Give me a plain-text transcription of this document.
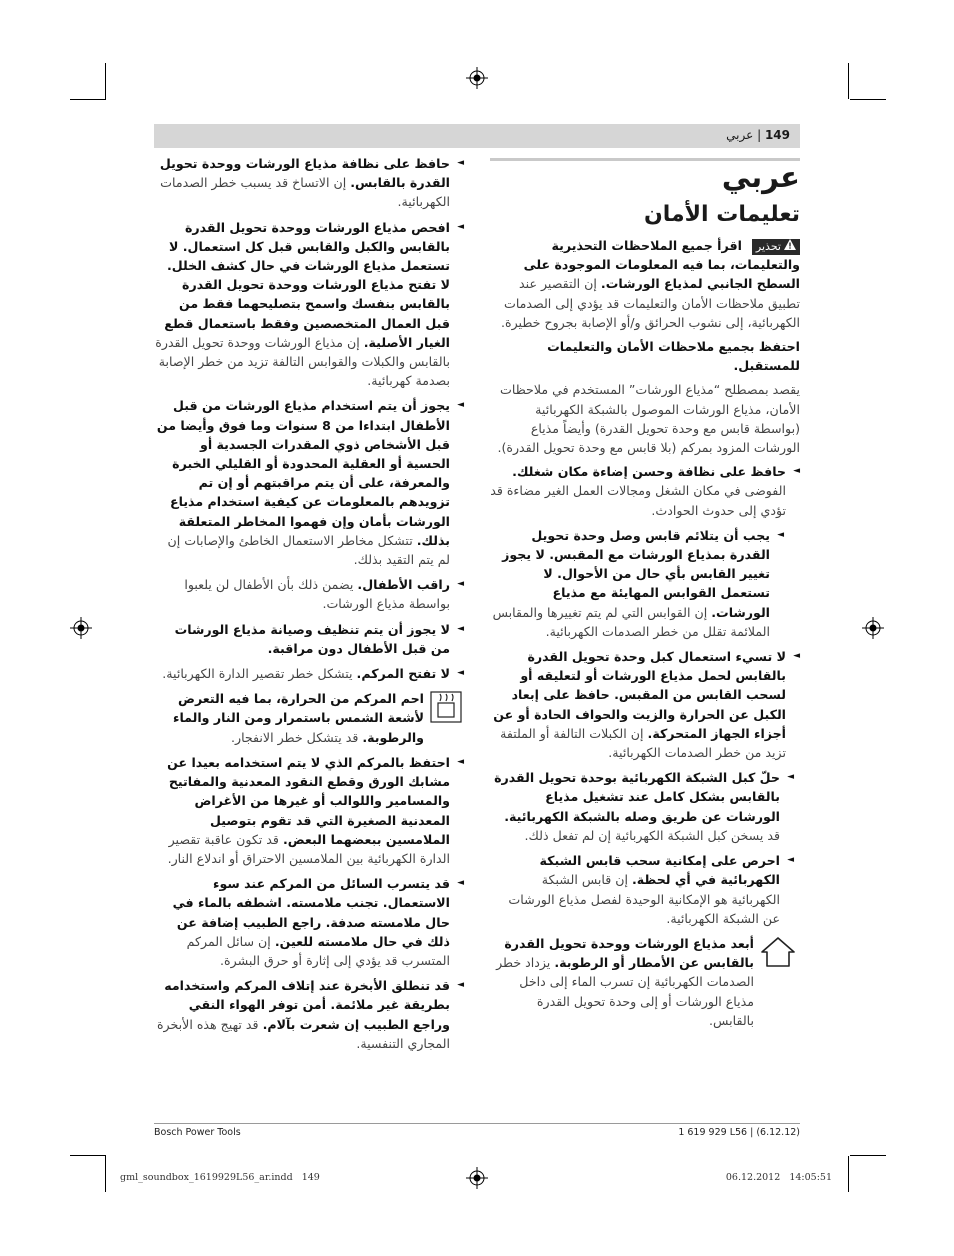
149 | عربي
عربي
تعليمات الأمان

تحذير اقرأ جميع الملاحظات التحذيرية والتعليمات، بما فيه المعلومات الموجودة على السطح الجانبي لمذياع الورشات. إن التقصير عند تطبيق ملاحظات الأمان والتعليمات قد يؤدي إلى الصدمات الكهربائية، إلى نشوب الحرائق و/أو الإصابة بجروح خطيرة.

احتفظ بجميع ملاحظات الأمان والتعليمات للمستقبل.

يقصد بمصطلح “مذياع الورشات” المستخدم في ملاحظات الأمان، مذياع الورشات الموصول بالشبكة الكهربائية (بواسطة قابس مع وحدة تحويل القدرة) وأيضاً مذياع الورشات المزود بمركم (بلا قابس مع وحدة تحويل القدرة).

◄ حافظ على نظافة وحسن إضاءة مكان شغلك. الفوضى في مكان الشغل ومجالات العمل الغير مضاءة قد تؤدي إلى حدوث الحوادث.
◄ يجب أن يتلائم قابس وصل وحدة تحويل القدرة بمذياع الورشات مع المقبس. لا يجوز تغيير القابس بأي حال من الأحوال. لا تستعمل القوابس المهايئة مع مذياع الورشات. إن القوابس التي لم يتم تغييرها والمقابس الملائمة تقلل من خطر الصدمات الكهربائية.
◄ لا تسيء استعمال كبل وحدة تحويل القدرة بالقابس لحمل مذياع الورشات أو لتعليقه أو لسحب القابس من المقبس. حافظ على إبعاد الكبل عن الحرارة والزيت والحواف الحادة أو عن أجزاء الجهاز المتحركة. إن الكبلات التالفة أو الملتفة تزيد من خطر الصدمات الكهربائية.
◄ حلّ كبل الشبكة الكهربائية بوحدة تحويل القدرة بالقابس بشكل كامل عند تشغيل مذياع الورشات عن طريق وصله بالشبكة الكهربائية. قد يسخن كبل الشبكة الكهربائية إن لم تفعل ذلك.
◄ احرص على إمكانية سحب قابس الشبكة الكهربائية في أي لحظة. إن قابس الشبكة الكهربائية هو الإمكانية الوحيدة لفصل مذياع الورشات عن الشبكة الكهربائية.
أبعد مذياع الورشات ووحدة تحويل القدرة بالقابس عن الأمطار أو الرطوبة. يزداد خطر الصدمات الكهربائية إن تسرب الماء إلى داخل مذياع الورشات أو إلى وحدة تحويل القدرة بالقابس.
◄ حافظ على نظافة مذياع الورشات ووحدة تحويل القدرة بالقابس. إن الاتساخ قد يسبب خطر الصدمات الكهربائية.
◄ افحص مذياع الورشات ووحدة تحويل القدرة بالقابس والكبل والقابس قبل كل استعمال. لا تستعمل مذياع الورشات في حال كشف الخلل. لا تفتح مذياع الورشات ووحدة تحويل القدرة بالقابس بنفسك واسمح بتصليحهما فقط من قبل العمال المتخصصين وفقط باستعمال قطع الغيار الأصلية. إن مذياع الورشات ووحدة تحويل القدرة بالقابس والكبلات والقوابس التالفة تزيد من خطر الإصابة بصدمة كهربائية.
◄ يجوز أن يتم استخدام مذياع الورشات من قبل الأطفال ابتداءا من 8 سنوات وما فوق وأيضا من قبل الأشخاص ذوي المقدرات الجسدية أو الحسية أو العقلية المحدودة أو القليلي الخبرة والمعرفة، على أن يتم مراقبتهم أو إن تم تزويدهم بالمعلومات عن كيفية استخدام مذياع الورشات بأمان وإن فهموا المخاطر المتعلقة بذلك. تتشكل مخاطر الاستعمال الخاطئ والإصابات إن لم يتم التقيد بذلك.
◄ راقب الأطفال. يضمن ذلك بأن الأطفال لن يلعبوا بواسطة مذياع الورشات.
◄ لا يجوز أن يتم تنظيف وصيانة مذياع الورشات من قبل الأطفال دون مراقبة.
◄ لا تفتح المركم. يتشكل خطر تقصير الدارة الكهربائية.
احم المركم من الحرارة، بما فيه التعرض لأشعة الشمس باستمرار ومن النار والماء والرطوبة. قد يتشكل خطر الانفجار.
◄ احتفظ بالمركم الذي لا يتم استخدامه بعيدا عن مشابك الورق وقطع النقود المعدنية والمفاتيح والمسامير واللوالب أو غيرها من الأغراض المعدنية الصغيرة التي قد تقوم بتوصيل الملامسين ببعضهما البعض. قد تكون عاقبة تقصير الدارة الكهربائية بين الملامسين الاحتراق أو اندلاع النار.
◄ قد يتسرب السائل من المركم عند سوء الاستعمال. تجنب ملامسته. اشطفه بالماء في حال ملامسته صدفة. راجع الطبيب إضافة عن ذلك في حال ملامسته للعين. إن سائل المركم المتسرب قد يؤدي إلى إثارة أو حرق البشرة.
◄ قد تنطلق الأبخرة عند إتلاف المركم واستخدامه بطريقة غير ملائمة. أمن توفر الهواء النقي وراجع الطبيب إن شعرت بآلام. قد تهيج هذه الأبخرة المجاري التنفسية.
Bosch Power Tools	1 619 929 L56 | (6.12.12)
gml_soundbox_1619929L56_ar.indd   149	06.12.2012   14:05:51
